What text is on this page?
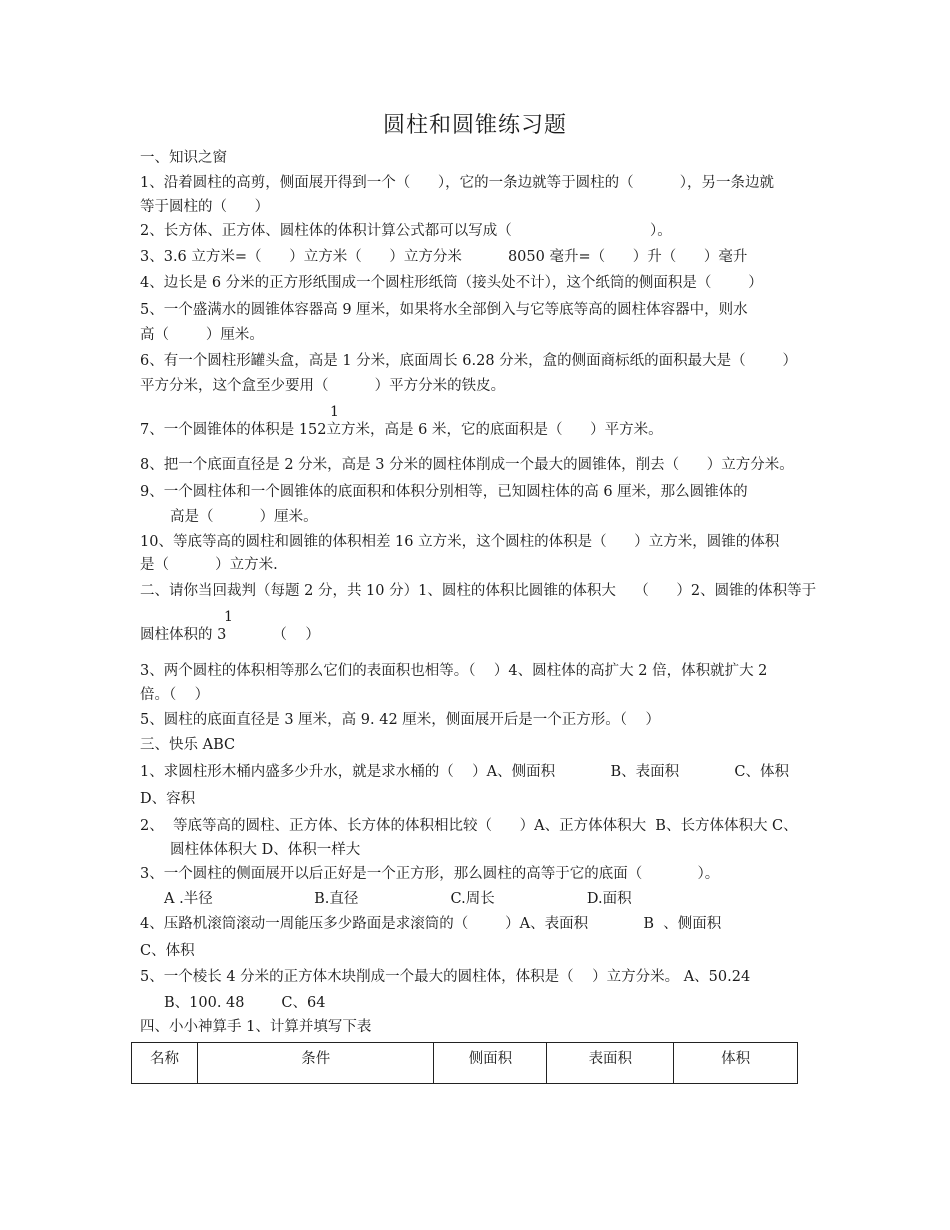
圆柱和圆锥练习题
一、知识之窗
1、沿着圆柱的高剪，侧面展开得到一个（      ），它的一条边就等于圆柱的（          ），另一条边就
等于圆柱的（      ）
2、长方体、正方体、圆柱体的体积计算公式都可以写成（                              ）。
3、3.6 立方米=（      ）立方米（      ）立方分米          8050 毫升=（      ）升（      ）毫升
4、边长是 6 分米的正方形纸围成一个圆柱形纸筒（接头处不计），这个纸筒的侧面积是（        ）
5、一个盛满水的圆锥体容器高 9 厘米，如果将水全部倒入与它等底等高的圆柱体容器中，则水
高（        ）厘米。
6、有一个圆柱形罐头盒，高是 1 分米，底面周长 6.28 分米，盒的侧面商标纸的面积最大是（        ）
平方分米，这个盒至少要用（          ）平方分米的铁皮。
1
7、一个圆锥体的体积是 152立方米，高是 6 米，它的底面积是（      ）平方米。
8、把一个底面直径是 2 分米，高是 3 分米的圆柱体削成一个最大的圆锥体，削去（      ）立方分米。
9、一个圆柱体和一个圆锥体的底面积和体积分别相等，已知圆柱体的高 6 厘米，那么圆锥体的
高是（          ）厘米。
10、等底等高的圆柱和圆锥的体积相差 16 立方米，这个圆柱的体积是（      ）立方米，圆锥的体积
是（          ）立方米.
二、请你当回裁判（每题 2 分，共 10 分）1、圆柱的体积比圆锥的体积大    （      ）2、圆锥的体积等于
1
圆柱体积的 3          （    ）
3、两个圆柱的体积相等那么它们的表面积也相等。（    ）4、圆柱体的高扩大 2 倍，体积就扩大 2
倍。（    ）
5、圆柱的底面直径是 3 厘米，高 9. 42 厘米，侧面展开后是一个正方形。（    ）
三、快乐 ABC
1、求圆柱形木桶内盛多少升水，就是求水桶的（    ）A、侧面积            B、表面积            C、体积
D、容积
2、  等底等高的圆柱、正方体、长方体的体积相比较（      ）A、正方体体积大  B、长方体体积大 C、
圆柱体体积大 D、体积一样大
3、一个圆柱的侧面展开以后正好是一个正方形，那么圆柱的高等于它的底面（            ）。
A .半径                      B.直径                    C.周长                    D.面积
4、压路机滚筒滚动一周能压多少路面是求滚筒的（        ）A、表面积            B  、侧面积
C、体积
5、一个棱长 4 分米的正方体木块削成一个最大的圆柱体，体积是（    ）立方分米。 A、50.24
B、100. 48        C、64
四、小小神算手 1、计算并填写下表
名称	条件	侧面积	表面积	体积
